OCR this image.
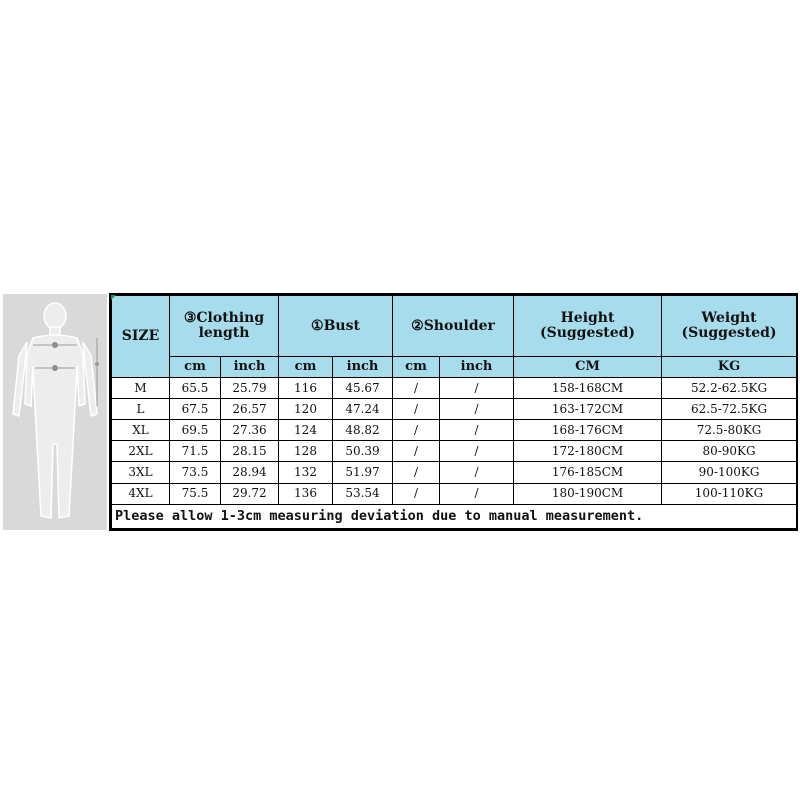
SIZE	③Clothing length		①Bust		②Shoulder		Height (Suggested)	Weight (Suggested)
	cm	inch	cm	inch	cm	inch	CM	KG
M	65.5	25.79	116	45.67	/	/	158-168CM	52.2-62.5KG
L	67.5	26.57	120	47.24	/	/	163-172CM	62.5-72.5KG
XL	69.5	27.36	124	48.82	/	/	168-176CM	72.5-80KG
2XL	71.5	28.15	128	50.39	/	/	172-180CM	80-90KG
3XL	73.5	28.94	132	51.97	/	/	176-185CM	90-100KG
4XL	75.5	29.72	136	53.54	/	/	180-190CM	100-110KG
Please allow 1-3cm measuring deviation due to manual measurement.								
